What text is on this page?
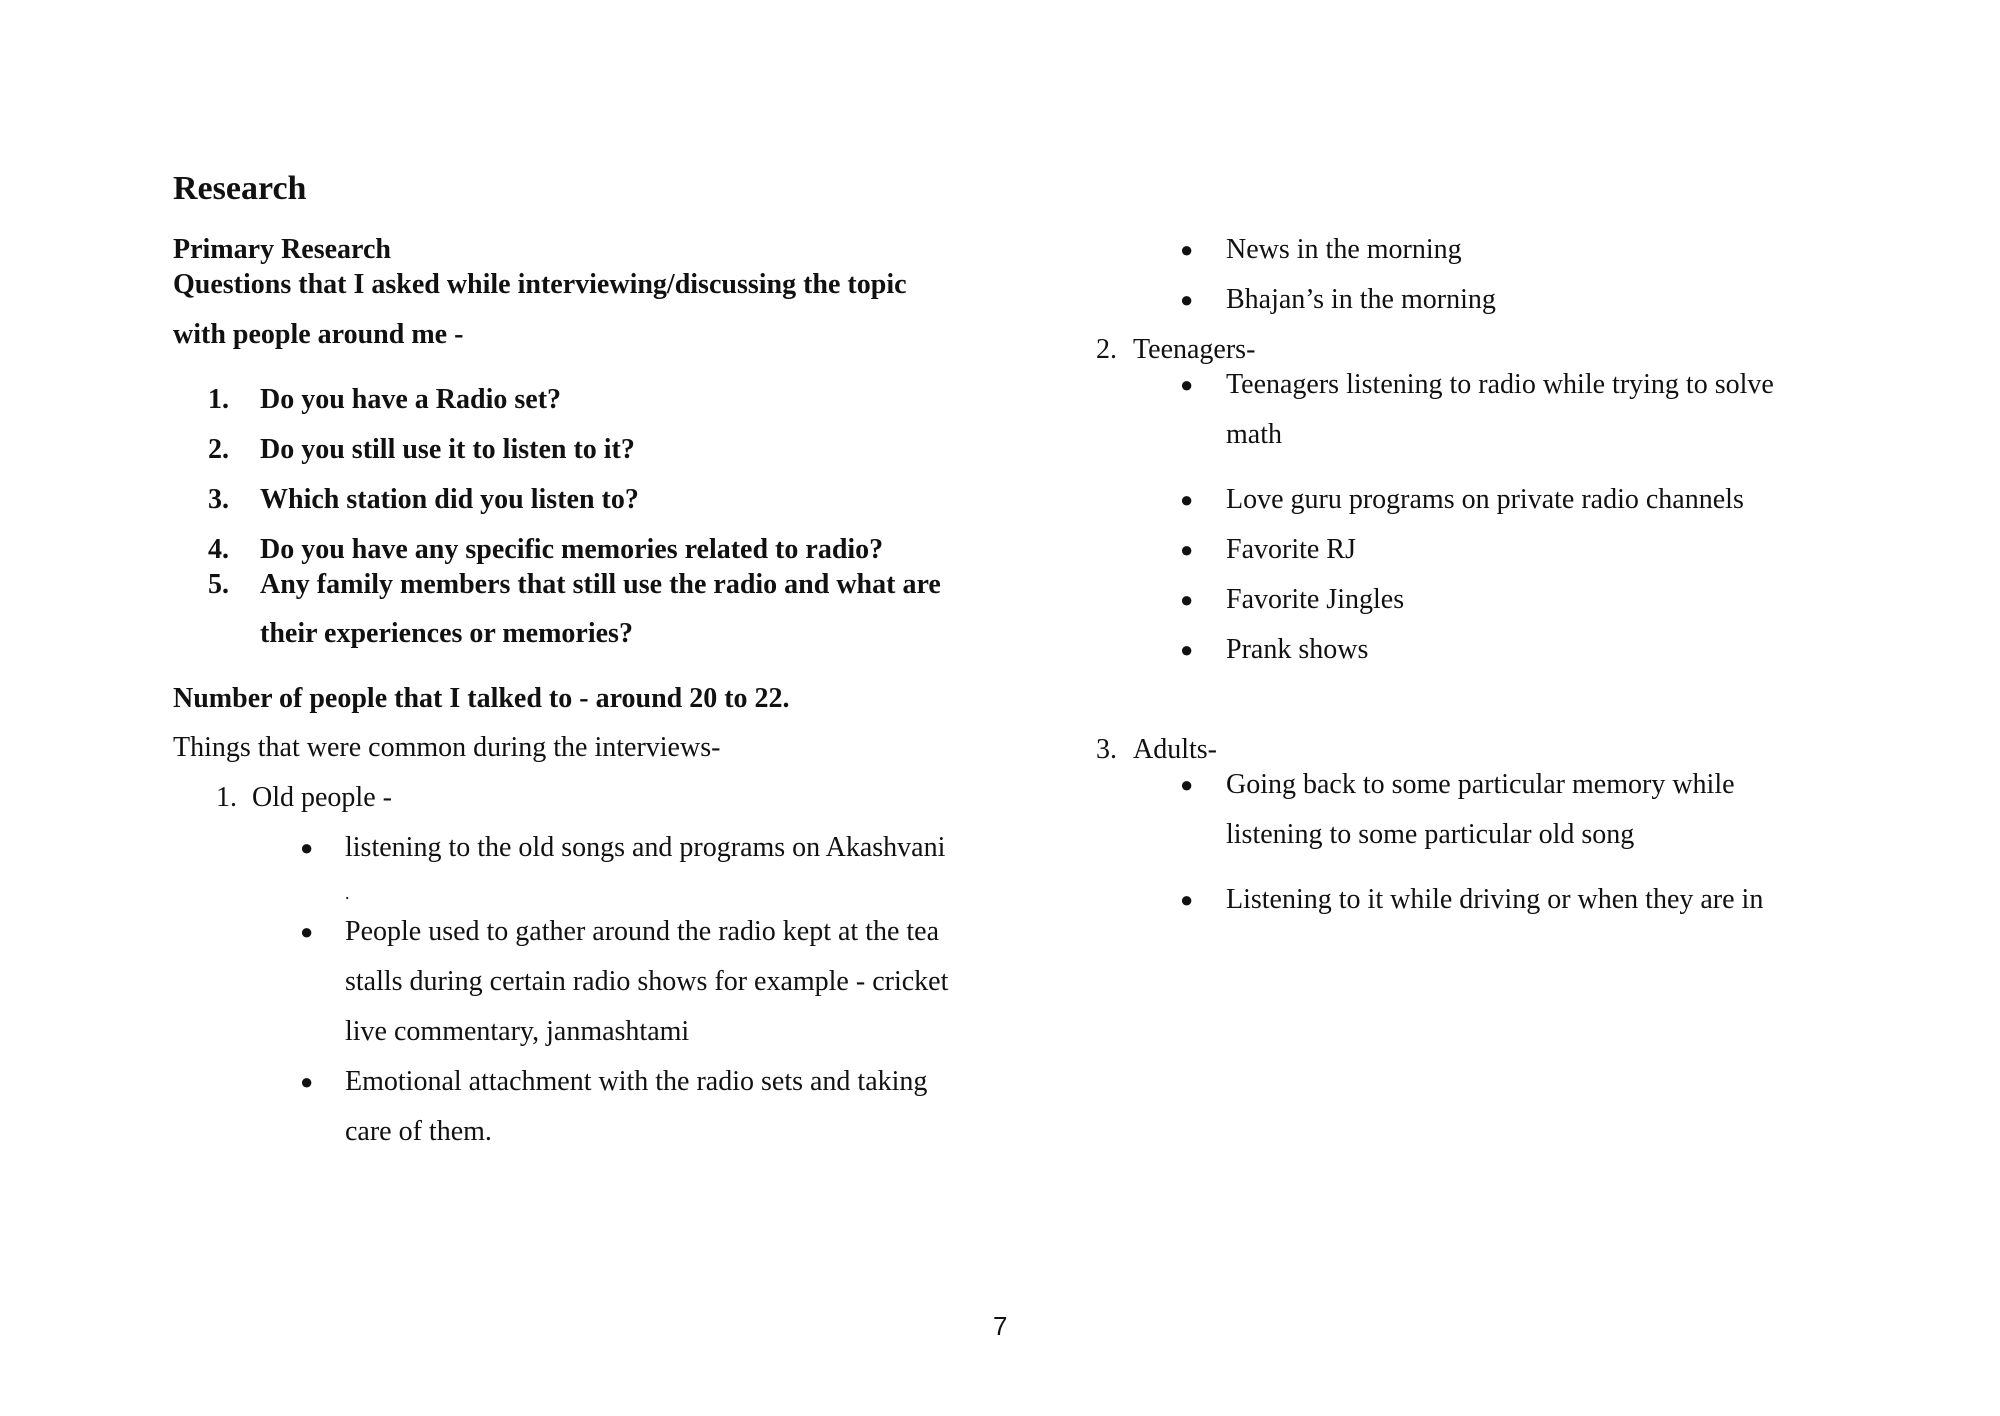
Research
Primary Research
Questions that I asked while interviewing/discussing the topic
with people around me -
1. Do you have a Radio set?
2. Do you still use it to listen to it?
3. Which station did you listen to?
4. Do you have any specific memories related to radio?
5. Any family members that still use the radio and what are
their experiences or memories?
Number of people that I talked to - around 20 to 22.
Things that were common during the interviews-
1. Old people -
● listening to the old songs and programs on Akashvani
.
● People used to gather around the radio kept at the tea
stalls during certain radio shows for example - cricket
live commentary, janmashtami
● Emotional attachment with the radio sets and taking
care of them.
● News in the morning
● Bhajan’s in the morning
2. Teenagers-
● Teenagers listening to radio while trying to solve
math
● Love guru programs on private radio channels
● Favorite RJ
● Favorite Jingles
● Prank shows
3. Adults-
● Going back to some particular memory while
listening to some particular old song
● Listening to it while driving or when they are in
7
